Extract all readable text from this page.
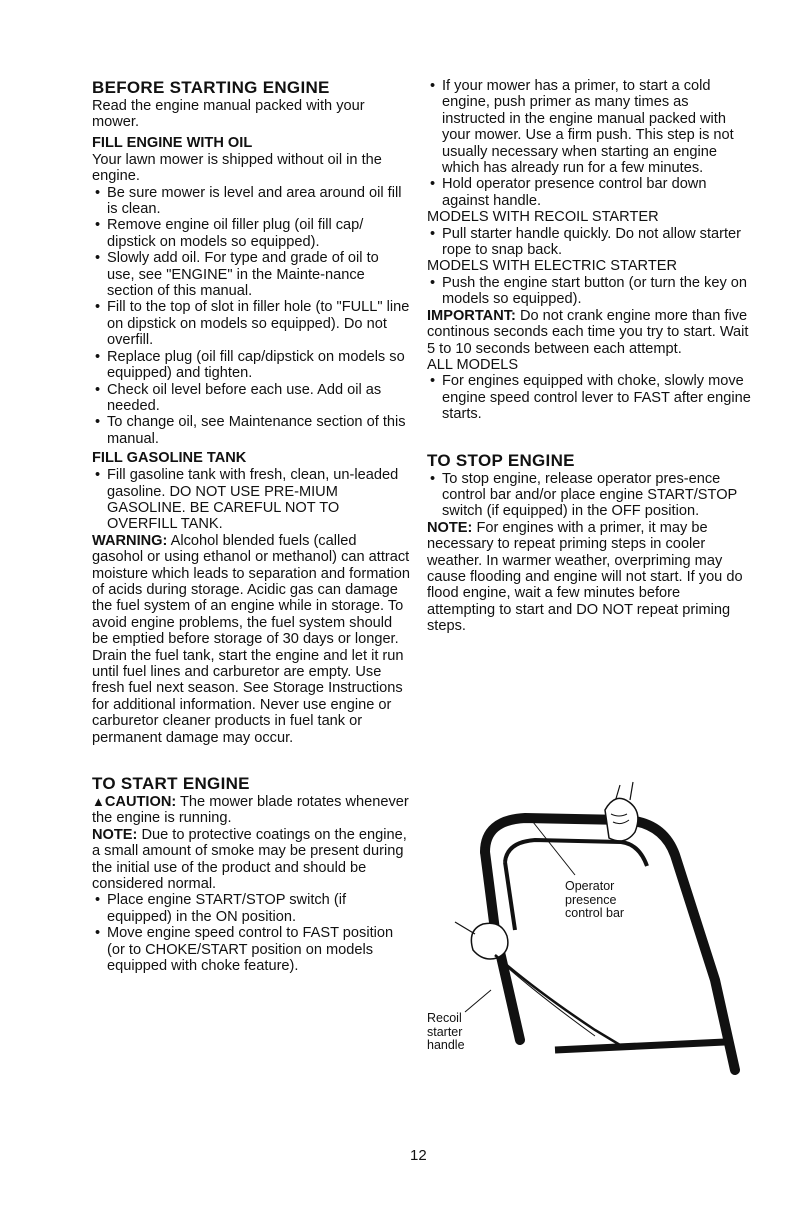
BEFORE STARTING ENGINE

Read the engine manual packed with your mower.

FILL ENGINE WITH OIL

Your lawn mower is shipped without oil in the engine.

• Be sure mower is level and area around oil fill is clean.
• Remove engine oil filler plug (oil fill cap/ dipstick on models so equipped).
• Slowly add oil. For type and grade of oil to use, see "ENGINE" in the Mainte-nance section of this manual.
• Fill to the top of slot in filler hole (to "FULL" line on dipstick on models so equipped). Do not overfill.
• Replace plug (oil fill cap/dipstick on models so equipped) and tighten.
• Check oil level before each use. Add oil as needed.
• To change oil, see Maintenance section of this manual.
FILL GASOLINE TANK
• Fill gasoline tank with fresh, clean, un-leaded gasoline. DO NOT USE PRE-MIUM GASOLINE. BE CAREFUL NOT TO OVERFILL TANK.

WARNING: Alcohol blended fuels (called gasohol or using ethanol or methanol) can attract moisture which leads to separation and formation of acids during storage. Acidic gas can damage the fuel system of an engine while in storage. To avoid engine problems, the fuel system should be emptied before storage of 30 days or longer. Drain the fuel tank, start the engine and let it run until fuel lines and carburetor are empty. Use fresh fuel next season. See Storage Instructions for additional information. Never use engine or carburetor cleaner products in fuel tank or permanent damage may occur.

TO START ENGINE

▲CAUTION: The mower blade rotates whenever the engine is running.

NOTE: Due to protective coatings on the engine, a small amount of smoke may be present during the initial use of the product and should be considered normal.

• Place engine START/STOP switch (if equipped) in the ON position.
• Move engine speed control to FAST position (or to CHOKE/START position on models equipped with choke feature).
• If your mower has a primer, to start a cold engine, push primer as many times as instructed in the engine manual packed with your mower. Use a firm push. This step is not usually necessary when starting an engine which has already run for a few minutes.
• Hold operator presence control bar down against handle.

MODELS WITH RECOIL STARTER

• Pull starter handle quickly. Do not allow starter rope to snap back.

MODELS WITH ELECTRIC STARTER

• Push the engine start button (or turn the key on models so equipped).

IMPORTANT: Do not crank engine more than five continous seconds each time you try to start. Wait 5 to 10 seconds between each attempt.

ALL MODELS

• For engines equipped with choke, slowly move engine speed control lever to FAST after engine starts.
TO STOP ENGINE
• To stop engine, release operator pres-ence control bar and/or place engine START/STOP switch (if equipped) in the OFF position.

NOTE: For engines with a primer, it may be necessary to repeat priming steps in cooler weather. In warmer weather, overpriming may cause flooding and engine will not start. If you do flood engine, wait a few minutes before attempting to start and DO NOT repeat priming steps.

Operator
presence
control bar
Recoil
starter
handle
12
